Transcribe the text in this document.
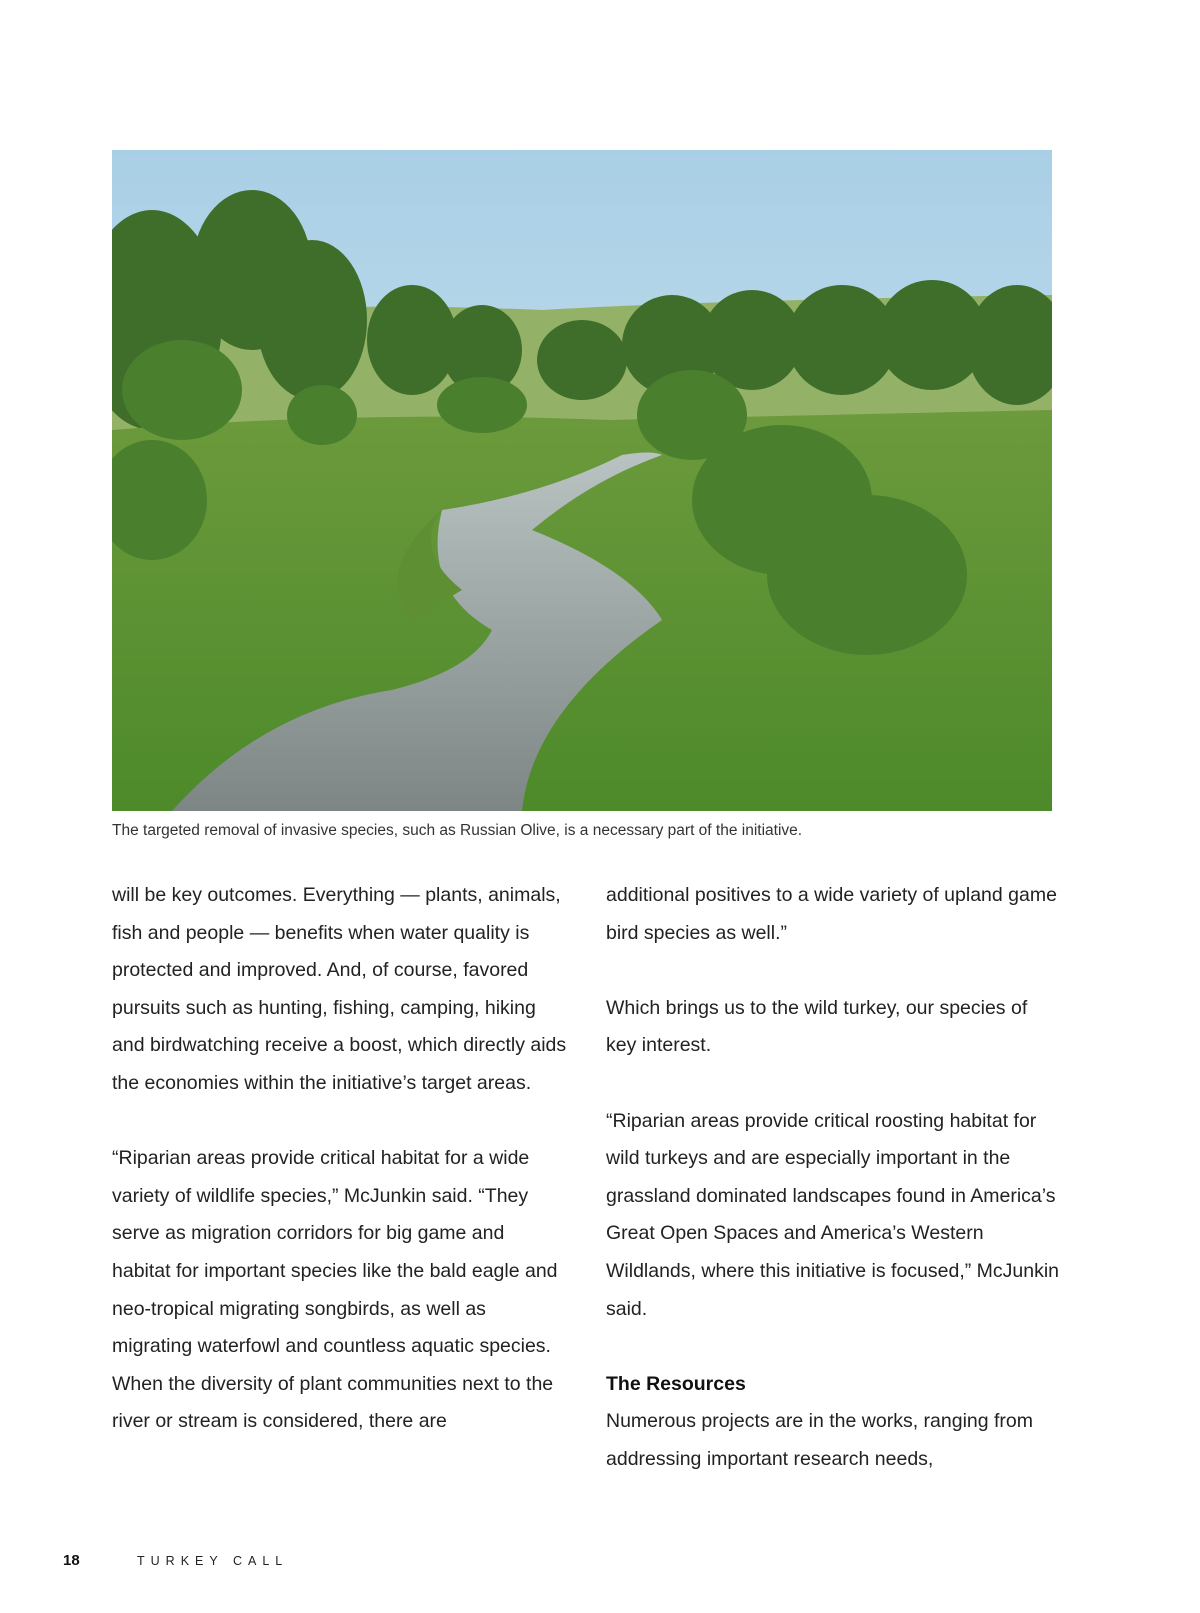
The targeted removal of invasive species, such as Russian Olive, is a necessary part of the initiative.

will be key outcomes. Everything — plants, animals, fish and people — benefits when water quality is protected and improved. And, of course, favored pursuits such as hunting, fishing, camping, hiking and birdwatching receive a boost, which directly aids the economies within the initiative’s target areas.

“Riparian areas provide critical habitat for a wide variety of wildlife species,” McJunkin said. “They serve as migration corridors for big game and habitat for important species like the bald eagle and neo-tropical migrating songbirds, as well as migrating waterfowl and countless aquatic species. When the diversity of plant communities next to the river or stream is considered, there are

additional positives to a wide variety of upland game bird species as well.”

Which brings us to the wild turkey, our species of key interest.

“Riparian areas provide critical roosting habitat for wild turkeys and are especially important in the grassland dominated landscapes found in America’s Great Open Spaces and America’s Western Wildlands, where this initiative is focused,” McJunkin said.

The Resources

Numerous projects are in the works, ranging from addressing important research needs,

18	TURKEY CALL
